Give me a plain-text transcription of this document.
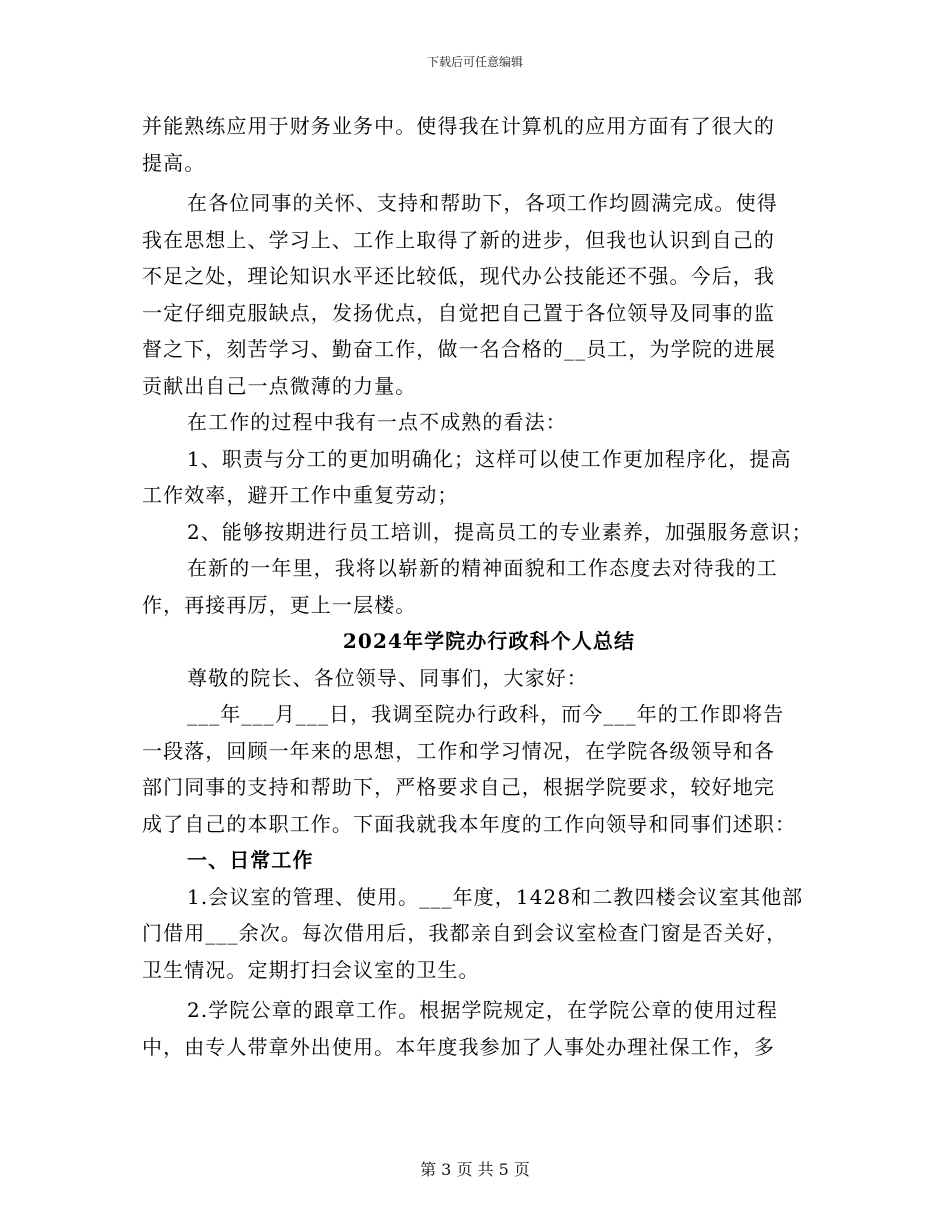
下载后可任意编辑
并能熟练应用于财务业务中。使得我在计算机的应用方面有了很大的
提高。
在各位同事的关怀、支持和帮助下，各项工作均圆满完成。使得
我在思想上、学习上、工作上取得了新的进步，但我也认识到自己的
不足之处，理论知识水平还比较低，现代办公技能还不强。今后，我
一定仔细克服缺点，发扬优点，自觉把自己置于各位领导及同事的监
督之下，刻苦学习、勤奋工作，做一名合格的__员工，为学院的进展
贡献出自己一点微薄的力量。
在工作的过程中我有一点不成熟的看法：
1、职责与分工的更加明确化；这样可以使工作更加程序化，提高
工作效率，避开工作中重复劳动；
2、能够按期进行员工培训，提高员工的专业素养，加强服务意识；
在新的一年里，我将以崭新的精神面貌和工作态度去对待我的工
作，再接再厉，更上一层楼。
2024年学院办行政科个人总结
尊敬的院长、各位领导、同事们，大家好：
___年___月___日，我调至院办行政科，而今___年的工作即将告
一段落，回顾一年来的思想，工作和学习情况，在学院各级领导和各
部门同事的支持和帮助下，严格要求自己，根据学院要求，较好地完
成了自己的本职工作。下面我就我本年度的工作向领导和同事们述职：
一、日常工作
1.会议室的管理、使用。___年度，1428和二教四楼会议室其他部
门借用___余次。每次借用后，我都亲自到会议室检查门窗是否关好，
卫生情况。定期打扫会议室的卫生。
2.学院公章的跟章工作。根据学院规定，在学院公章的使用过程
中，由专人带章外出使用。本年度我参加了人事处办理社保工作，多
第 3 页 共 5 页
